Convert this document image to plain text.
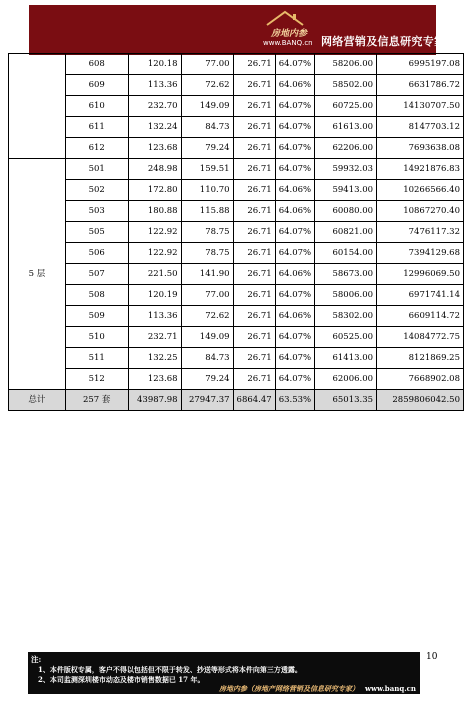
房地内参
www.BANQ.cn 网络营销及信息研究专家
	608	120.18	77.00	26.71	64.07%	58206.00	6995197.08
	609	113.36	72.62	26.71	64.06%	58502.00	6631786.72
	610	232.70	149.09	26.71	64.07%	60725.00	14130707.50
	611	132.24	84.73	26.71	64.07%	61613.00	8147703.12
	612	123.68	79.24	26.71	64.07%	62206.00	7693638.08
5 层	501	248.98	159.51	26.71	64.07%	59932.03	14921876.83
	502	172.80	110.70	26.71	64.06%	59413.00	10266566.40
	503	180.88	115.88	26.71	64.06%	60080.00	10867270.40
	505	122.92	78.75	26.71	64.07%	60821.00	7476117.32
	506	122.92	78.75	26.71	64.07%	60154.00	7394129.68
	507	221.50	141.90	26.71	64.06%	58673.00	12996069.50
	508	120.19	77.00	26.71	64.07%	58006.00	6971741.14
	509	113.36	72.62	26.71	64.06%	58302.00	6609114.72
	510	232.71	149.09	26.71	64.07%	60525.00	14084772.75
	511	132.25	84.73	26.71	64.07%	61413.00	8121869.25
	512	123.68	79.24	26.71	64.07%	62006.00	7668902.08
总计	257 套	43987.98	27947.37	6864.47	63.53%	65013.35	2859806042.50
10
注:
1、本件版权专属，客户不得以包括但不限于转发、抄送等形式将本件向第三方透露。
2、本司监测深圳楼市动态及楼市销售数据已 17 年。
房地内参（房地产网络营销及信息研究专家） www.banq.cn
